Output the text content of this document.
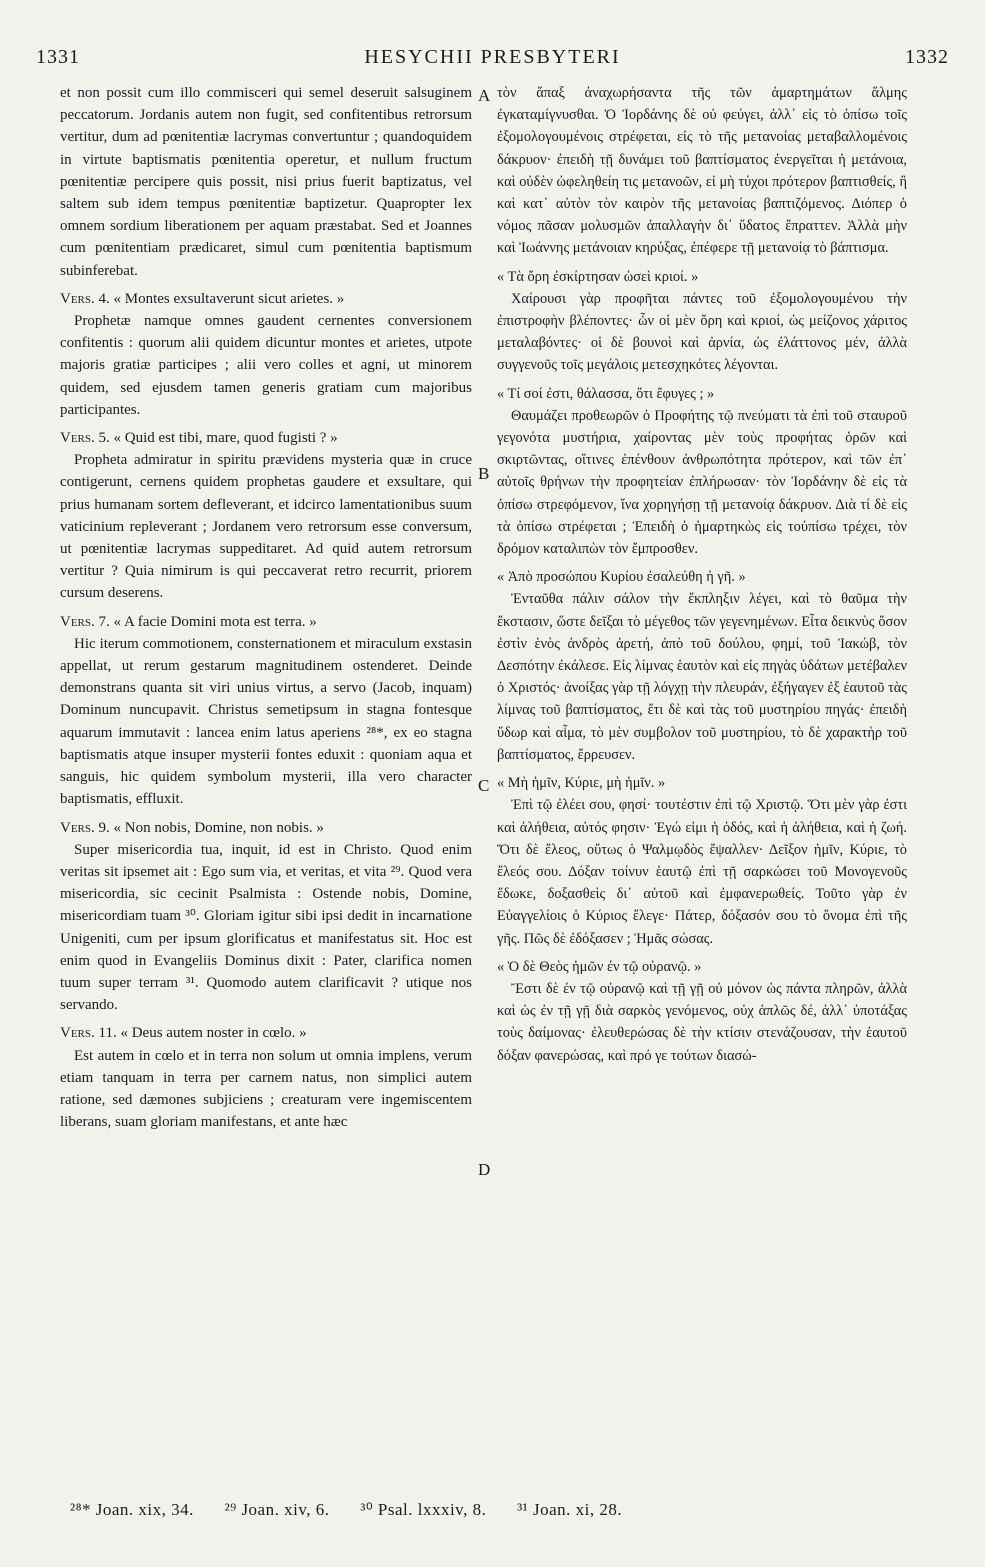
1331	HESYCHII PRESBYTERI	1332
A
B
C
D

et non possit cum illo commisceri qui semel deseruit salsuginem peccatorum. Jordanis autem non fugit, sed confitentibus retrorsum vertitur, dum ad pœnitentiæ lacrymas convertuntur ; quandoquidem in virtute baptismatis pœnitentia operetur, et nullum fructum pœnitentiæ percipere quis possit, nisi prius fuerit baptizatus, vel saltem sub idem tempus pœnitentiæ baptizetur. Quapropter lex omnem sordium liberationem per aquam præstabat. Sed et Joannes cum pœnitentiam prædicaret, simul cum pœnitentia baptismum subinferebat.

Vers. 4. « Montes exsultaverunt sicut arietes. »

Prophetæ namque omnes gaudent cernentes conversionem confitentis : quorum alii quidem dicuntur montes et arietes, utpote majoris gratiæ participes ; alii vero colles et agni, ut minorem quidem, sed ejusdem tamen generis gratiam cum majoribus participantes.

Vers. 5. « Quid est tibi, mare, quod fugisti ? »

Propheta admiratur in spiritu prævidens mysteria quæ in cruce contigerunt, cernens quidem prophetas gaudere et exsultare, qui prius humanam sortem defleverant, et idcirco lamentationibus suum vaticinium repleverant ; Jordanem vero retrorsum esse conversum, ut pœnitentiæ lacrymas suppeditaret. Ad quid autem retrorsum vertitur ? Quia nimirum is qui peccaverat retro recurrit, priorem cursum deserens.

Vers. 7. « A facie Domini mota est terra. »

Hic iterum commotionem, consternationem et miraculum exstasin appellat, ut rerum gestarum magnitudinem ostenderet. Deinde demonstrans quanta sit viri unius virtus, a servo (Jacob, inquam) Dominum nuncupavit. Christus semetipsum in stagna fontesque aquarum immutavit : lancea enim latus aperiens ²⁸*, ex eo stagna baptismatis atque insuper mysterii fontes eduxit : quoniam aqua et sanguis, hic quidem symbolum mysterii, illa vero character baptismatis, effluxit.

Vers. 9. « Non nobis, Domine, non nobis. »

Super misericordia tua, inquit, id est in Christo. Quod enim veritas sit ipsemet ait : Ego sum via, et veritas, et vita ²⁹. Quod vera misericordia, sic cecinit Psalmista : Ostende nobis, Domine, misericordiam tuam ³⁰. Gloriam igitur sibi ipsi dedit in incarnatione Unigeniti, cum per ipsum glorificatus et manifestatus sit. Hoc est enim quod in Evangeliis Dominus dixit : Pater, clarifica nomen tuum super terram ³¹. Quomodo autem clarificavit ? utique nos servando.

Vers. 11. « Deus autem noster in cœlo. »

Est autem in cœlo et in terra non solum ut omnia implens, verum etiam tanquam in terra per carnem natus, non simplici autem ratione, sed dæmones subjiciens ; creaturam vere ingemiscentem liberans, suam gloriam manifestans, et ante hæc

τὸν ἅπαξ ἀναχωρήσαντα τῆς τῶν ἁμαρτημάτων ἅλμης ἐγκαταμίγνυσθαι. Ὁ Ἰορδάνης δὲ οὐ φεύγει, ἀλλ᾽ εἰς τὸ ὀπίσω τοῖς ἐξομολογουμένοις στρέφεται, εἰς τὸ τῆς μετανοίας μεταβαλλομένοις δάκρυον· ἐπειδὴ τῇ δυνάμει τοῦ βαπτίσματος ἐνεργεῖται ἡ μετάνοια, καὶ οὐδὲν ὠφεληθείη τις μετανοῶν, εἰ μὴ τύχοι πρότερον βαπτισθείς, ἢ καὶ κατ᾽ αὐτὸν τὸν καιρὸν τῆς μετανοίας βαπτιζόμενος. Διόπερ ὁ νόμος πᾶσαν μολυσμῶν ἀπαλλαγὴν δι᾽ ὕδατος ἔπραττεν. Ἀλλὰ μὴν καὶ Ἰωάννης μετάνοιαν κηρύξας, ἐπέφερε τῇ μετανοίᾳ τὸ βάπτισμα.

« Τὰ ὄρη ἐσκίρτησαν ὡσεὶ κριοί. »

Χαίρουσι γὰρ προφῆται πάντες τοῦ ἐξομολογουμένου τὴν ἐπιστροφὴν βλέποντες· ὧν οἱ μὲν ὄρη καὶ κριοί, ὡς μείζονος χάριτος μεταλαβόντες· οἱ δὲ βουνοὶ καὶ ἀρνία, ὡς ἐλάττονος μέν, ἀλλὰ συγγενοῦς τοῖς μεγάλοις μετεσχηκότες λέγονται.

« Τί σοί ἐστι, θάλασσα, ὅτι ἔφυγες ; »

Θαυμάζει προθεωρῶν ὁ Προφήτης τῷ πνεύματι τὰ ἐπὶ τοῦ σταυροῦ γεγονότα μυστήρια, χαίροντας μὲν τοὺς προφήτας ὁρῶν καὶ σκιρτῶντας, οἵτινες ἐπένθουν ἀνθρωπότητα πρότερον, καὶ τῶν ἐπ᾽ αὐτοῖς θρήνων τὴν προφητείαν ἐπλήρωσαν· τὸν Ἰορδάνην δὲ εἰς τὰ ὀπίσω στρεφόμενον, ἵνα χορηγήσῃ τῇ μετανοίᾳ δάκρυον. Διὰ τί δὲ εἰς τὰ ὀπίσω στρέφεται ; Ἐπειδὴ ὁ ἡμαρτηκὼς εἰς τοὐπίσω τρέχει, τὸν δρόμον καταλιπὼν τὸν ἔμπροσθεν.

« Ἀπὸ προσώπου Κυρίου ἐσαλεύθη ἡ γῆ. »

Ἐνταῦθα πάλιν σάλον τὴν ἔκπληξιν λέγει, καὶ τὸ θαῦμα τὴν ἔκστασιν, ὥστε δεῖξαι τὸ μέγεθος τῶν γεγενημένων. Εἶτα δεικνὺς ὅσον ἐστὶν ἑνὸς ἀνδρὸς ἀρετή, ἀπὸ τοῦ δούλου, φημί, τοῦ Ἰακώβ, τὸν Δεσπότην ἐκάλεσε. Εἰς λίμνας ἑαυτὸν καὶ εἰς πηγὰς ὑδάτων μετέβαλεν ὁ Χριστός· ἀνοίξας γὰρ τῇ λόγχῃ τὴν πλευράν, ἐξήγαγεν ἐξ ἑαυτοῦ τὰς λίμνας τοῦ βαπτίσματος, ἔτι δὲ καὶ τὰς τοῦ μυστηρίου πηγάς· ἐπειδὴ ὕδωρ καὶ αἷμα, τὸ μὲν συμβολον τοῦ μυστηρίου, τὸ δὲ χαρακτὴρ τοῦ βαπτίσματος, ἔρρευσεν.

« Μὴ ἡμῖν, Κύριε, μὴ ἡμῖν. »

Ἐπὶ τῷ ἐλέει σου, φησί· τουτέστιν ἐπὶ τῷ Χριστῷ. Ὅτι μὲν γὰρ ἐστι καὶ ἀλήθεια, αὐτός φησιν· Ἐγώ εἰμι ἡ ὁδός, καὶ ἡ ἀλήθεια, καὶ ἡ ζωή. Ὅτι δὲ ἔλεος, οὕτως ὁ Ψαλμῳδὸς ἔψαλλεν· Δεῖξον ἡμῖν, Κύριε, τὸ ἔλεός σου. Δόξαν τοίνυν ἑαυτῷ ἐπὶ τῇ σαρκώσει τοῦ Μονογενοῦς ἔδωκε, δοξασθεὶς δι᾽ αὐτοῦ καὶ ἐμφανερωθείς. Τοῦτο γὰρ ἐν Εὐαγγελίοις ὁ Κύριος ἔλεγε· Πάτερ, δόξασόν σου τὸ ὄνομα ἐπὶ τῆς γῆς. Πῶς δὲ ἐδόξασεν ; Ἡμᾶς σώσας.

« Ὁ δὲ Θεὸς ἡμῶν ἐν τῷ οὐρανῷ. »

Ἔστι δὲ ἐν τῷ οὐρανῷ καὶ τῇ γῇ οὐ μόνον ὡς πάντα πληρῶν, ἀλλὰ καὶ ὡς ἐν τῇ γῇ διὰ σαρκὸς γενόμενος, οὐχ ἁπλῶς δέ, ἀλλ᾽ ὑποτάξας τοὺς δαίμονας· ἐλευθερώσας δὲ τὴν κτίσιν στενάζουσαν, τὴν ἑαυτοῦ δόξαν φανερώσας, καὶ πρό γε τούτων διασώ-

²⁸* Joan. xix, 34. ²⁹ Joan. xiv, 6. ³⁰ Psal. lxxxiv, 8. ³¹ Joan. xi, 28.
